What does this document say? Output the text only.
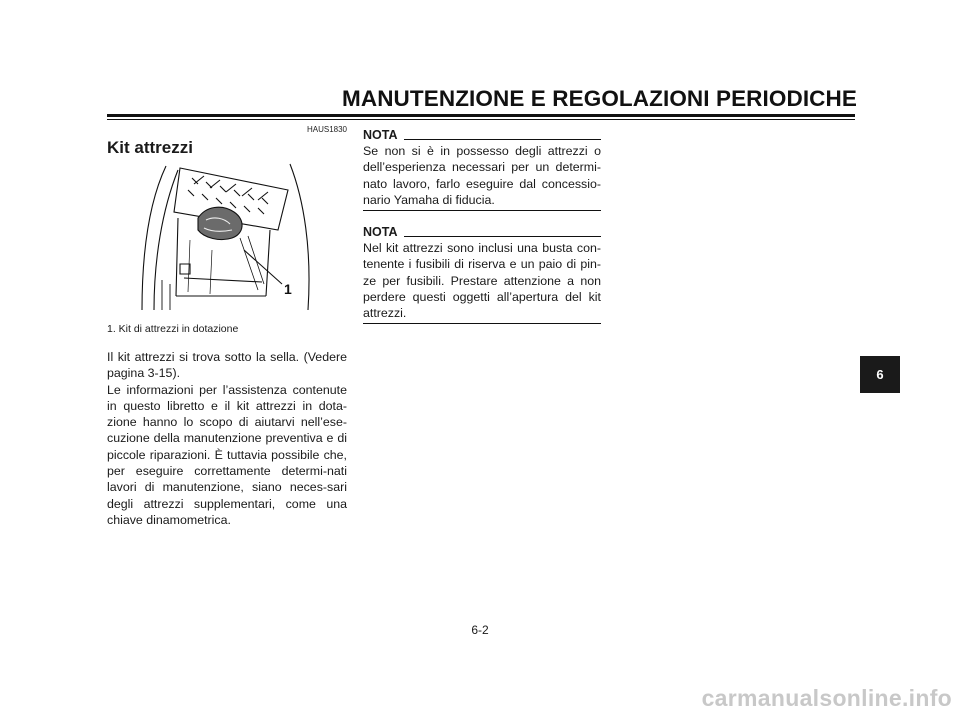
MANUTENZIONE E REGOLAZIONI PERIODICHE
HAUS1830
Kit attrezzi
1
1. Kit di attrezzi in dotazione

Il kit attrezzi si trova sotto la sella. (Vedere pagina 3-15).

Le informazioni per l’assistenza contenute in questo libretto e il kit attrezzi in dota-zione hanno lo scopo di aiutarvi nell’ese-cuzione della manutenzione preventiva e di piccole riparazioni. È tuttavia possibile che, per eseguire correttamente determi-nati lavori di manutenzione, siano neces-sari degli attrezzi supplementari, come una chiave dinamometrica.

NOTA

Se non si è in possesso degli attrezzi o dell’esperienza necessari per un determi-nato lavoro, farlo eseguire dal concessio-nario Yamaha di fiducia.

NOTA

Nel kit attrezzi sono inclusi una busta con-tenente i fusibili di riserva e un paio di pin-ze per fusibili. Prestare attenzione a non perdere questi oggetti all’apertura del kit attrezzi.

6
6-2
carmanualsonline.info
